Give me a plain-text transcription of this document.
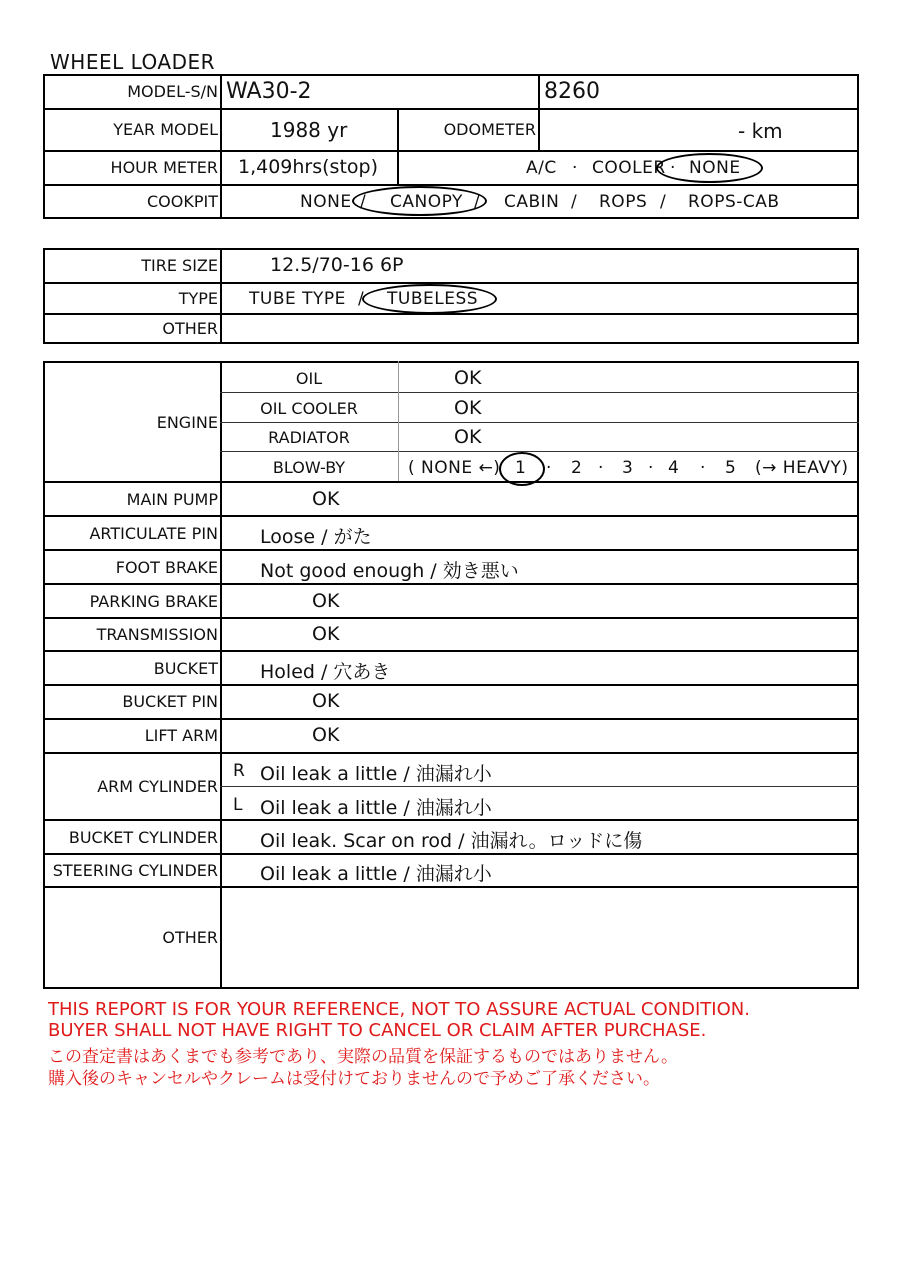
WHEEL LOADER
MODEL-S/N WA30-2	8260
YEAR MODEL	1988 yr	ODOMETER	- km
HOUR METER 1,409hrs(stop)	A/C · COOLER · NONE
COOKPIT	NONE / CANOPY / CABIN / ROPS / ROPS-CAB
TIRE SIZE	12.5/70-16 6P
TYPE TUBE TYPE / TUBELESS
OTHER
ENGINE
OIL	OK
OIL COOLER	OK
RADIATOR	OK
BLOW-BY	( NONE ←) 1 · 2 · 3 · 4 · 5 (→ HEAVY)
MAIN PUMP	OK
ARTICULATE PIN Loose / がた
FOOT BRAKE Not good enough / 効き悪い
PARKING BRAKE	OK
TRANSMISSION	OK
BUCKET Holed / 穴あき
BUCKET PIN	OK
LIFT ARM	OK
ARM CYLINDER
R Oil leak a little / 油漏れ小
L Oil leak a little / 油漏れ小
BUCKET CYLINDER Oil leak. Scar on rod / 油漏れ。ロッドに傷
STEERING CYLINDER Oil leak a little / 油漏れ小
OTHER
THIS REPORT IS FOR YOUR REFERENCE, NOT TO ASSURE ACTUAL CONDITION.
BUYER SHALL NOT HAVE RIGHT TO CANCEL OR CLAIM AFTER PURCHASE.
この査定書はあくまでも参考であり、実際の品質を保証するものではありません。
購入後のキャンセルやクレームは受付けておりませんので予めご了承ください。
